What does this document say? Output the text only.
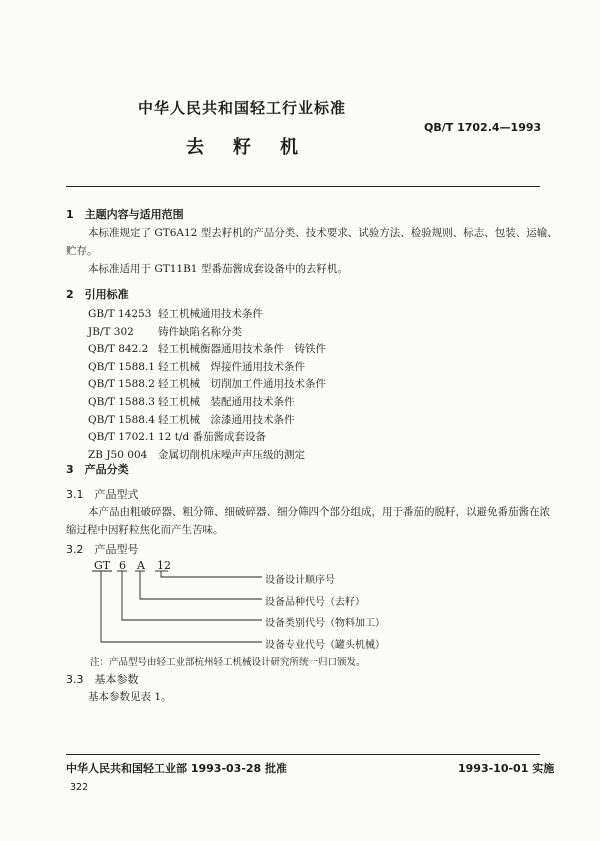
中华人民共和国轻工行业标准
QB/T 1702.4—1993
去籽机
1　主题内容与适用范围
本标准规定了 GT6A12 型去籽机的产品分类、技术要求、试验方法、检验规则、标志、包装、运输、
贮存。
本标准适用于 GT11B1 型番茄酱成套设备中的去籽机。
2　引用标准
GB/T 14253 轻工机械通用技术条件
JB/T 302 铸件缺陷名称分类
QB/T 842.2 轻工机械衡器通用技术条件　铸铁件
QB/T 1588.1 轻工机械　焊接件通用技术条件
QB/T 1588.2 轻工机械　切削加工件通用技术条件
QB/T 1588.3 轻工机械　装配通用技术条件
QB/T 1588.4 轻工机械　涂漆通用技术条件
QB/T 1702.1 12 t/d 番茄酱成套设备
ZB J50 004 金属切削机床噪声声压级的测定
3　产品分类
3.1　产品型式
本产品由粗破碎器、粗分筛、细破碎器、细分筛四个部分组成，用于番茄的脱籽，以避免番茄酱在浓
缩过程中因籽粒焦化而产生苦味。
3.2　产品型号
GT 6 A 12
设备设计顺序号
设备品种代号（去籽）
设备类别代号（物料加工）
设备专业代号（罐头机械）
注：产品型号由轻工业部杭州轻工机械设计研究所统一归口颁发。
3.3　基本参数
基本参数见表 1。
中华人民共和国轻工业部 1993-03-28 批准	1993-10-01 实施
322
